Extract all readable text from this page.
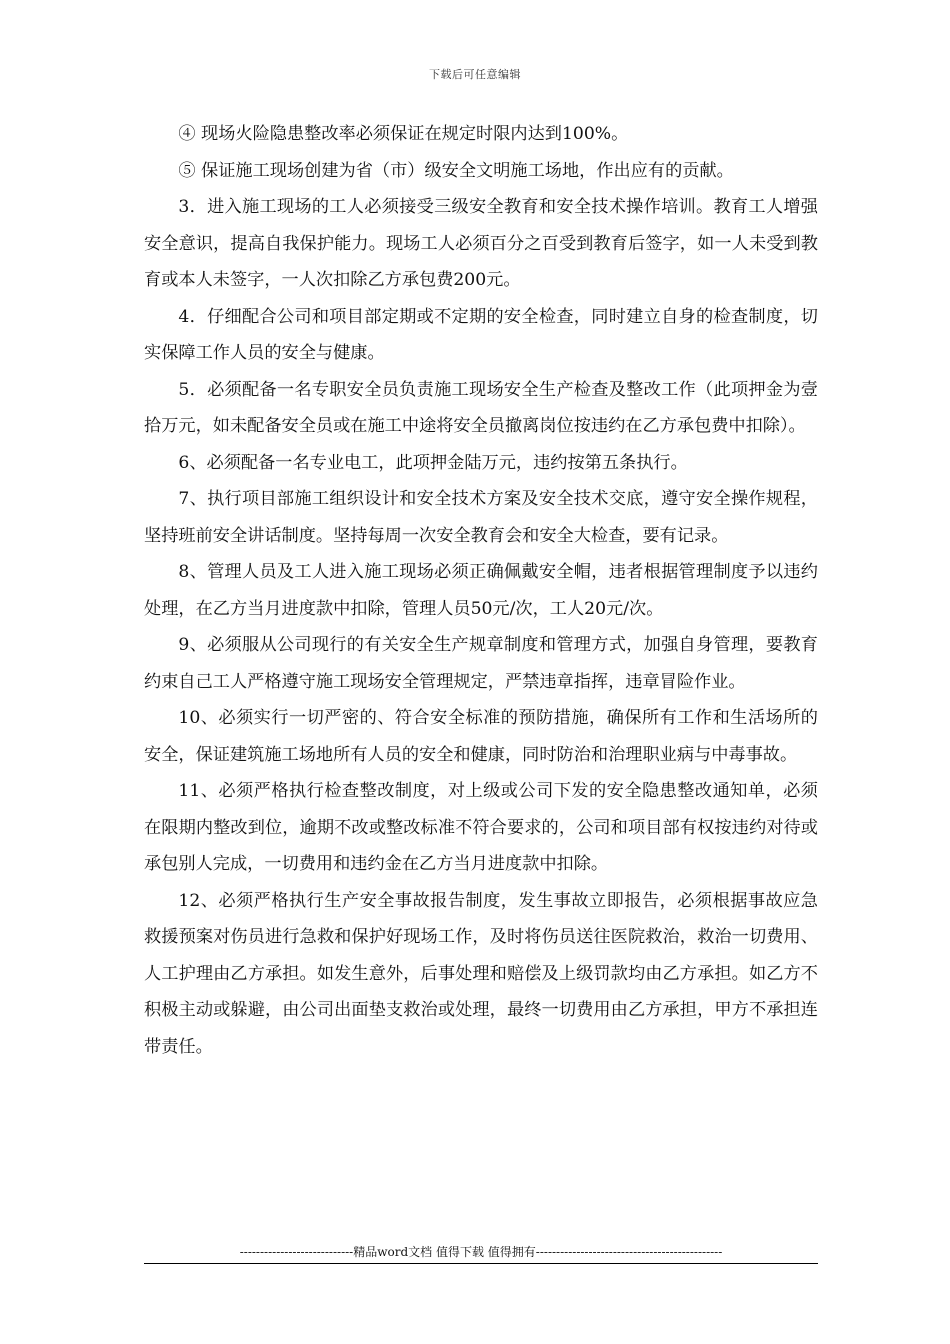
下载后可任意编辑

④ 现场火险隐患整改率必须保证在规定时限内达到100%。

⑤ 保证施工现场创建为省（市）级安全文明施工场地，作出应有的贡献。

3．进入施工现场的工人必须接受三级安全教育和安全技术操作培训。教育工人增强安全意识，提高自我保护能力。现场工人必须百分之百受到教育后签字，如一人未受到教育或本人未签字，一人次扣除乙方承包费200元。

4．仔细配合公司和项目部定期或不定期的安全检查，同时建立自身的检查制度，切实保障工作人员的安全与健康。

5．必须配备一名专职安全员负责施工现场安全生产检查及整改工作（此项押金为壹拾万元，如未配备安全员或在施工中途将安全员撤离岗位按违约在乙方承包费中扣除）。

6、必须配备一名专业电工，此项押金陆万元，违约按第五条执行。

7、执行项目部施工组织设计和安全技术方案及安全技术交底，遵守安全操作规程，坚持班前安全讲话制度。坚持每周一次安全教育会和安全大检查，要有记录。

8、管理人员及工人进入施工现场必须正确佩戴安全帽，违者根据管理制度予以违约处理，在乙方当月进度款中扣除，管理人员50元/次，工人20元/次。

9、必须服从公司现行的有关安全生产规章制度和管理方式，加强自身管理，要教育约束自己工人严格遵守施工现场安全管理规定，严禁违章指挥，违章冒险作业。

10、必须实行一切严密的、符合安全标准的预防措施，确保所有工作和生活场所的安全，保证建筑施工场地所有人员的安全和健康，同时防治和治理职业病与中毒事故。

11、必须严格执行检查整改制度，对上级或公司下发的安全隐患整改通知单，必须在限期内整改到位，逾期不改或整改标准不符合要求的，公司和项目部有权按违约对待或承包别人完成，一切费用和违约金在乙方当月进度款中扣除。

12、必须严格执行生产安全事故报告制度，发生事故立即报告，必须根据事故应急救援预案对伤员进行急救和保护好现场工作，及时将伤员送往医院救治，救治一切费用、人工护理由乙方承担。如发生意外，后事处理和赔偿及上级罚款均由乙方承担。如乙方不积极主动或躲避，由公司出面垫支救治或处理，最终一切费用由乙方承担，甲方不承担连带责任。

----------------------------精品word文档 值得下载 值得拥有----------------------------------------------
